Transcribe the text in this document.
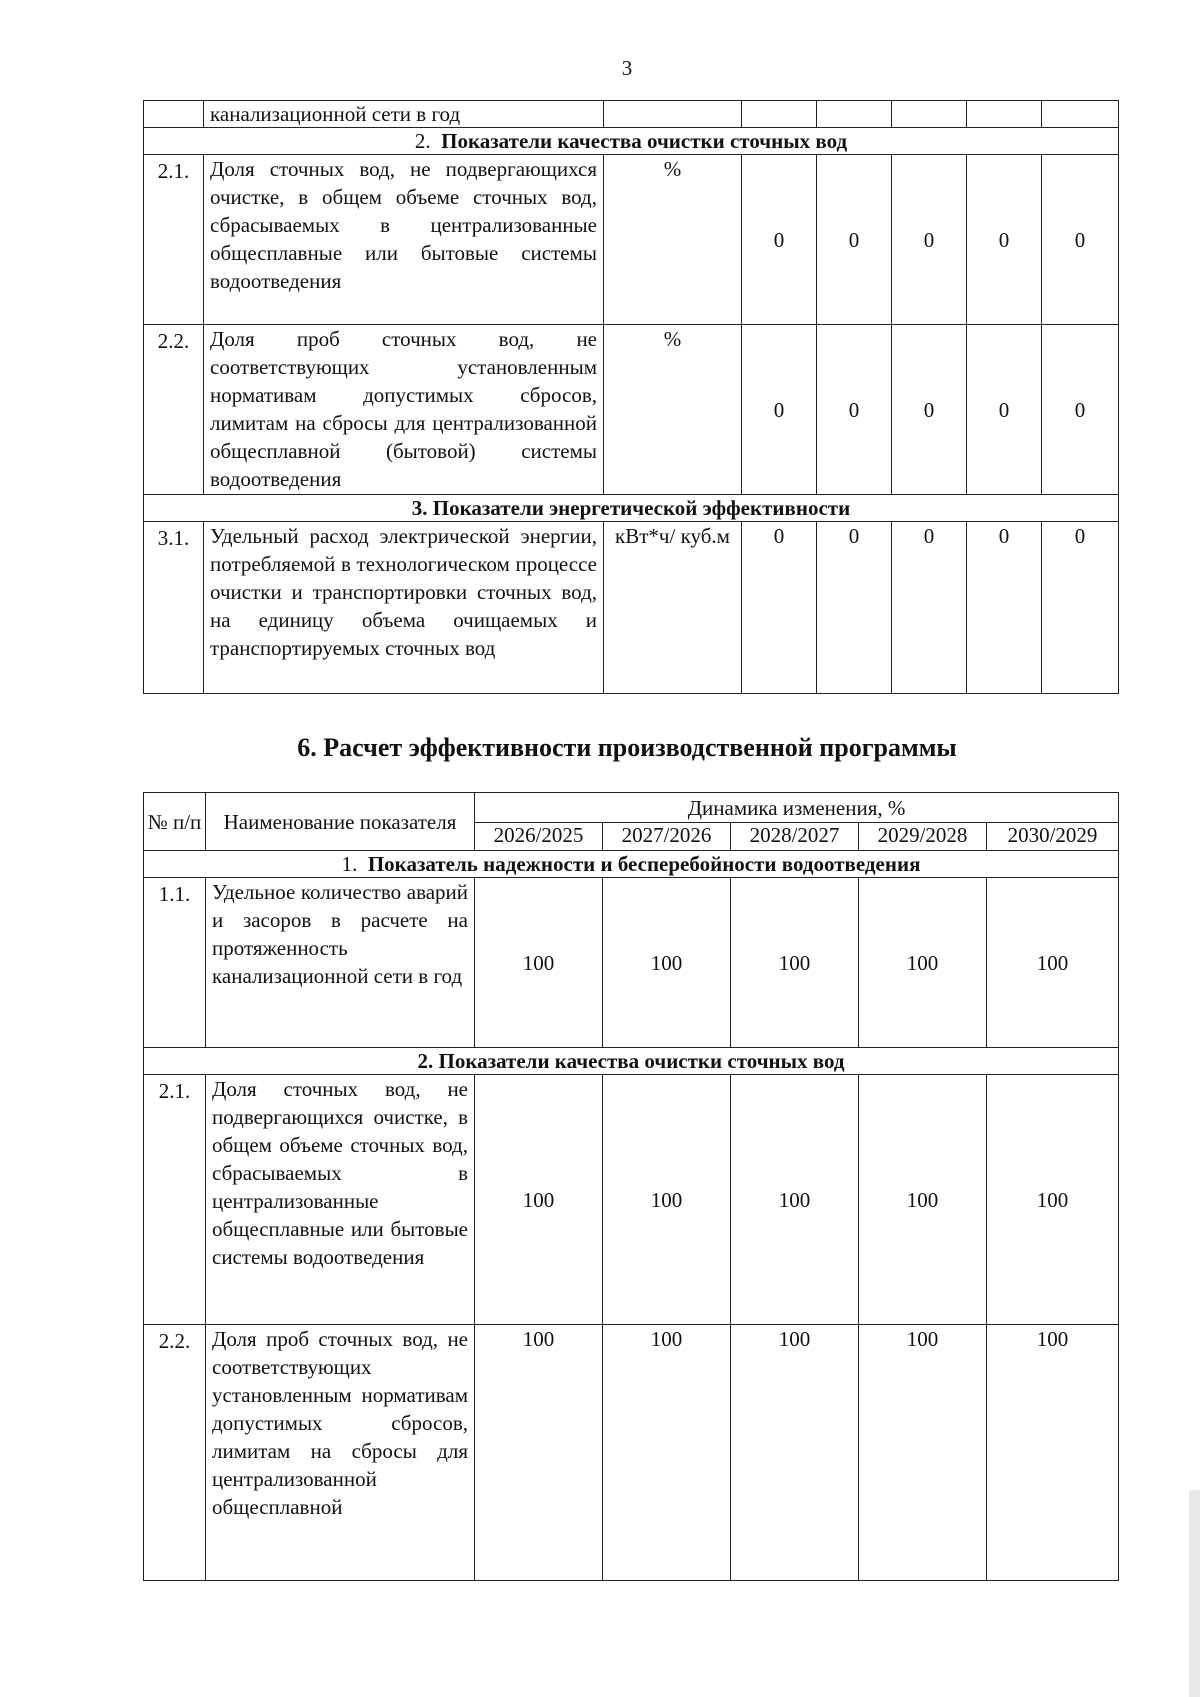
3
	канализационной сети в год						
2. Показатели качества очистки сточных вод							
2.1.	Доля сточных вод, не подвергающихся очистке, в общем объеме сточных вод, сбрасываемых в централизованные общесплавные или бытовые системы водоотведения	%	0	0	0	0	0
2.2.	Доля проб сточных вод, не соответствующих установленным нормативам допустимых сбросов, лимитам на сбросы для централизованной общесплавной (бытовой) системы водоотведения	%	0	0	0	0	0
3. Показатели энергетической эффективности							
3.1.	Удельный расход электрической энергии, потребляемой в технологическом процессе очистки и транспортировки сточных вод, на единицу объема очищаемых и транспортируемых сточных вод	кВт*ч/ куб.м	0	0	0	0	0
6. Расчет эффективности производственной программы
№ п/п	Наименование показателя	Динамика изменения, %				
		2026/2025	2027/2026	2028/2027	2029/2028	2030/2029
1. Показатель надежности и бесперебойности водоотведения						
1.1.	Удельное количество аварий и засоров в расчете на протяженность канализационной сети в год	100	100	100	100	100
2. Показатели качества очистки сточных вод						
2.1.	Доля сточных вод, не подвергающихся очистке, в общем объеме сточных вод, сбрасываемых в централизованные общесплавные или бытовые системы водоотведения	100	100	100	100	100
2.2.	Доля проб сточных вод, не соответствующих установленным нормативам допустимых сбросов, лимитам на сбросы для централизованной общесплавной	100	100	100	100	100
